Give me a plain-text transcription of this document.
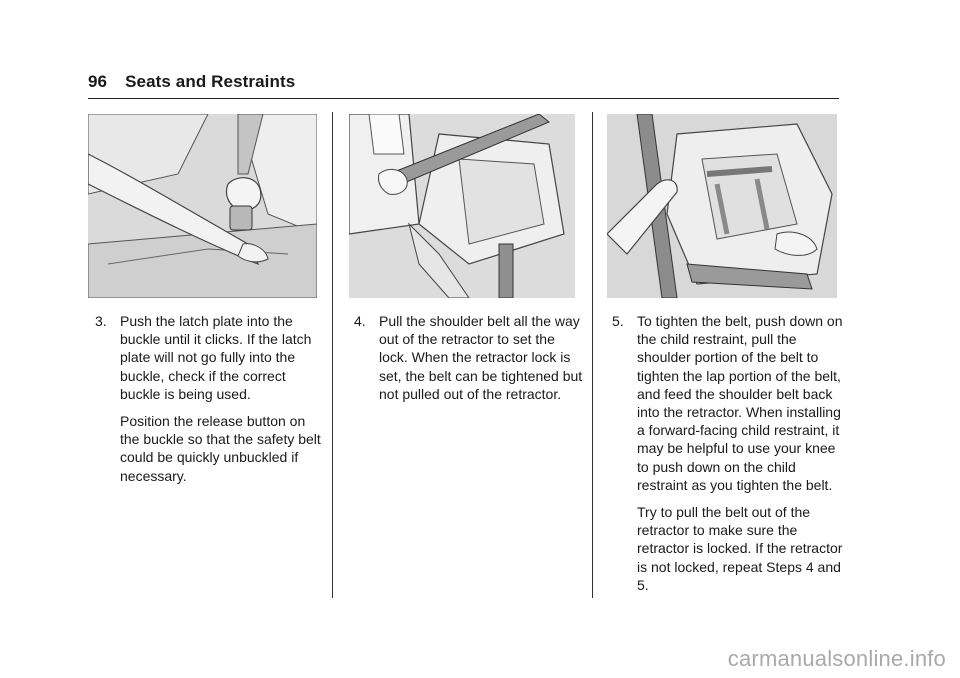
96 Seats and Restraints
3. Push the latch plate into the buckle until it clicks. If the latch plate will not go fully into the buckle, check if the correct buckle is being used.

Position the release button on the buckle so that the safety belt could be quickly unbuckled if necessary.

4. Pull the shoulder belt all the way out of the retractor to set the lock. When the retractor lock is set, the belt can be tightened but not pulled out of the retractor.

5. To tighten the belt, push down on the child restraint, pull the shoulder portion of the belt to tighten the lap portion of the belt, and feed the shoulder belt back into the retractor. When installing a forward-facing child restraint, it may be helpful to use your knee to push down on the child restraint as you tighten the belt.

Try to pull the belt out of the retractor to make sure the retractor is locked. If the retractor is not locked, repeat Steps 4 and 5.

carmanualsonline.info
